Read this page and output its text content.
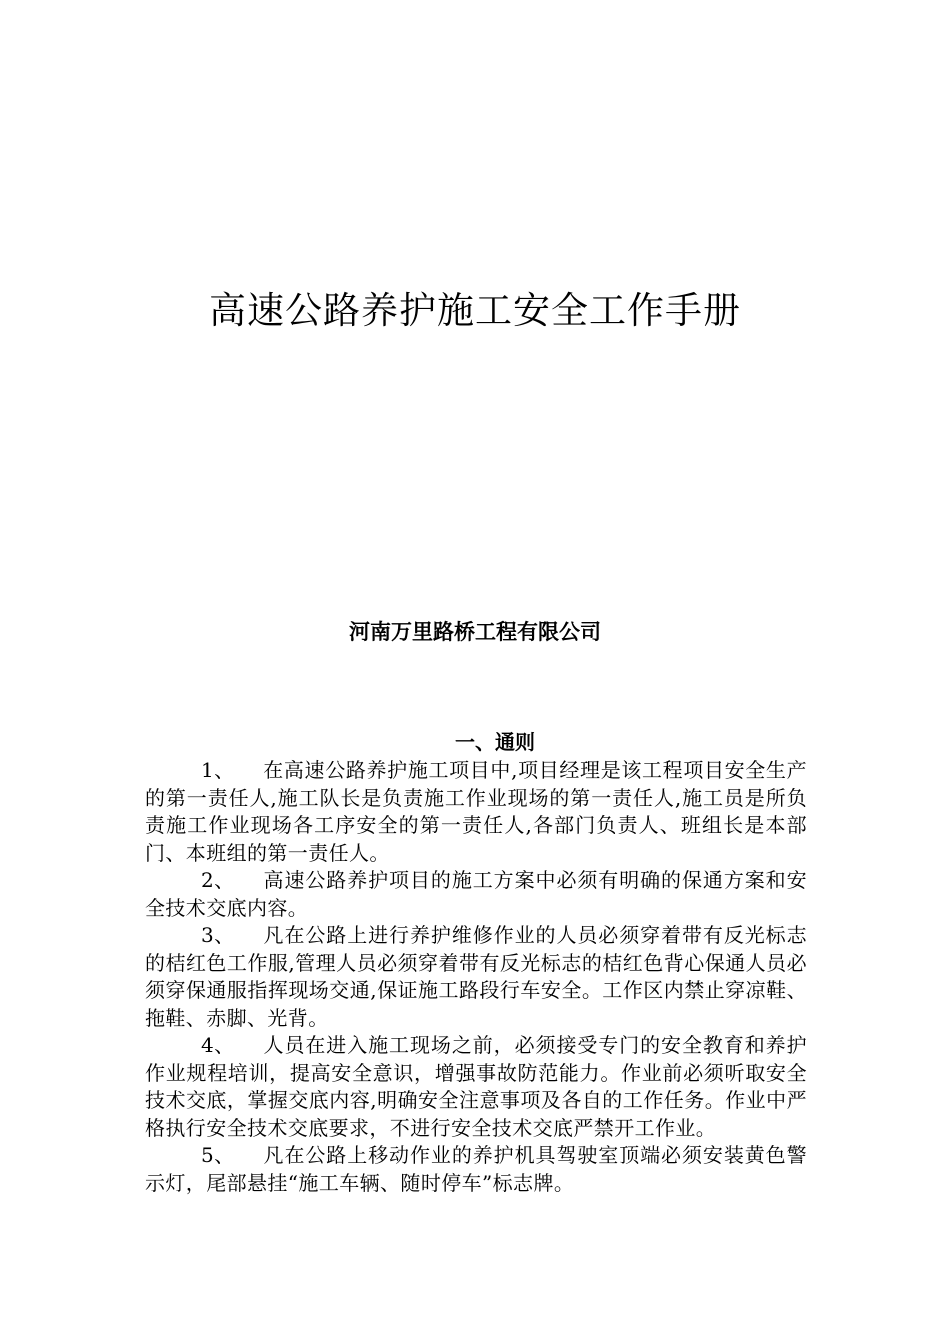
高速公路养护施工安全工作手册
河南万里路桥工程有限公司
一、通则

1、 在高速公路养护施工项目中,项目经理是该工程项目安全生产的第一责任人,施工队长是负责施工作业现场的第一责任人,施工员是所负责施工作业现场各工序安全的第一责任人,各部门负责人、班组长是本部门、本班组的第一责任人。

2、 高速公路养护项目的施工方案中必须有明确的保通方案和安全技术交底内容。

3、 凡在公路上进行养护维修作业的人员必须穿着带有反光标志的桔红色工作服,管理人员必须穿着带有反光标志的桔红色背心保通人员必须穿保通服指挥现场交通,保证施工路段行车安全。工作区内禁止穿凉鞋、拖鞋、赤脚、光背。

4、 人员在进入施工现场之前，必须接受专门的安全教育和养护作业规程培训，提高安全意识，增强事故防范能力。作业前必须听取安全技术交底，掌握交底内容,明确安全注意事项及各自的工作任务。作业中严格执行安全技术交底要求，不进行安全技术交底严禁开工作业。

5、 凡在公路上移动作业的养护机具驾驶室顶端必须安装黄色警示灯，尾部悬挂“施工车辆、随时停车”标志牌。
